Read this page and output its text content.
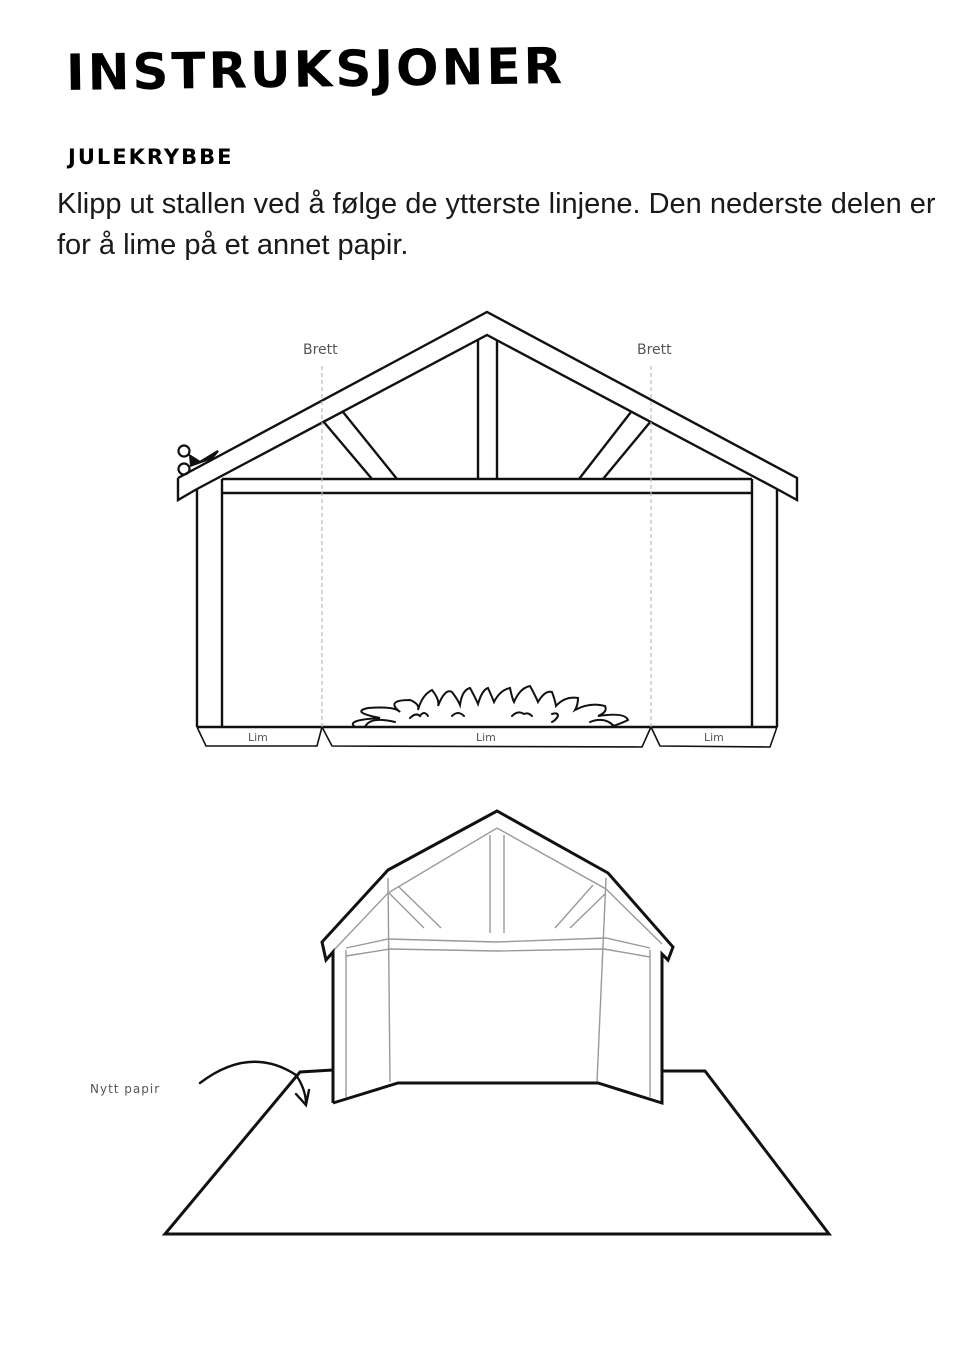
INSTRUKSJONER
JULEKRYBBE
Klipp ut stallen ved å følge de ytterste linjene. Den nederste delen er for å lime på et annet papir.
Brett	Brett
Lim	Lim	Lim
Nytt papir
